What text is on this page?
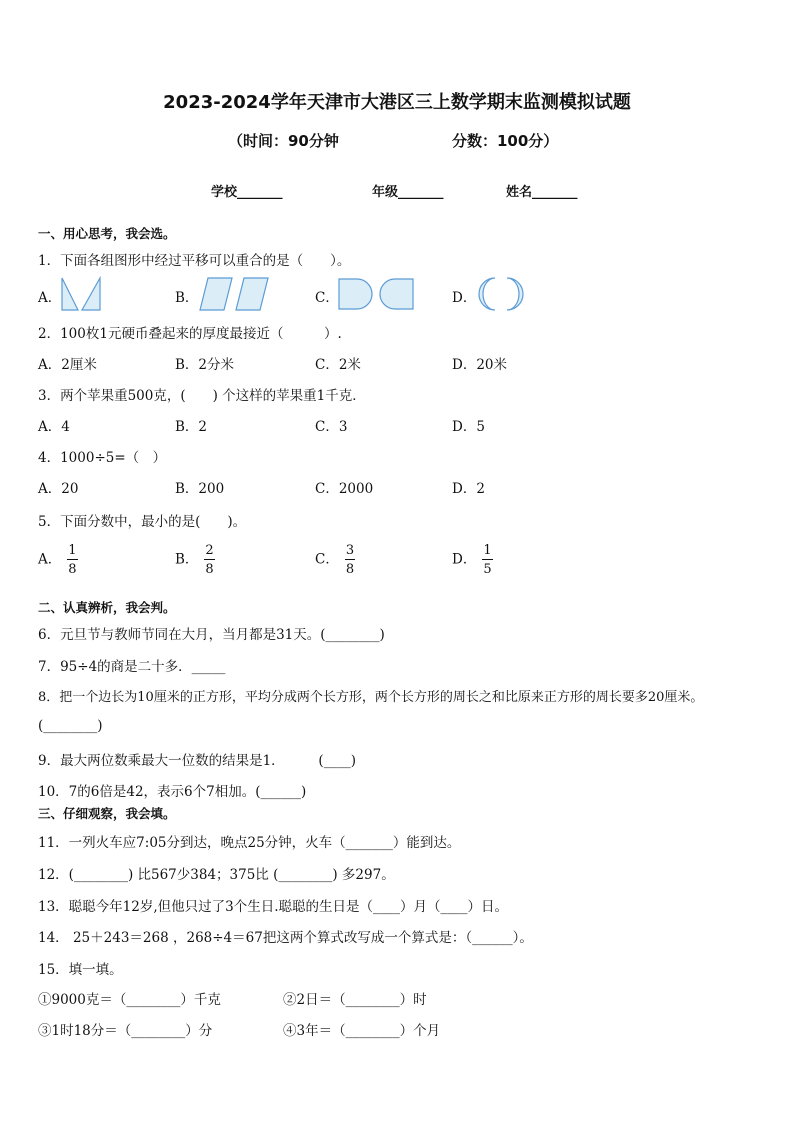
2023-2024学年天津市大港区三上数学期末监测模拟试题
（时间：90分钟	分数：100分）
学校_______	年级_______	姓名_______
一、用心思考，我会选。
1．下面各组图形中经过平移可以重合的是（　　）。
A．	B．	C．	D．
2．100枚1元硬币叠起来的厚度最接近（　　　）.
A．2厘米	B．2分米	C．2米	D．20米
3．两个苹果重500克，(　　) 个这样的苹果重1千克．
A．4	B．2	C．3	D．5
4．1000÷5=（　）
A．20	B．200	C．2000	D．2
5．下面分数中，最小的是(　　)。
A． $\frac{1}{8}$	B． $\frac{2}{8}$	C． $\frac{3}{8}$	D． $\frac{1}{5}$
二、认真辨析，我会判。
6．元旦节与教师节同在大月，当月都是31天。(________)
7．95÷4的商是二十多．_____
8．把一个边长为10厘米的正方形，平均分成两个长方形，两个长方形的周长之和比原来正方形的周长要多20厘米。
(________)
9．最大两位数乘最大一位数的结果是1．　　　(____)
10．7的6倍是42，表示6个7相加。(______)
三、仔细观察，我会填。
11．一列火车应7:05分到达，晚点25分钟，火车（_______）能到达。
12．(________) 比567少384；375比 (________) 多297。
13．聪聪今年12岁,但他只过了3个生日.聪聪的生日是（____）月（____）日。
14． 25＋243＝268 ，268÷4＝67把这两个算式改写成一个算式是：（______）。
15．填一填。
①9000克＝（________）千克	②2日＝（________）时
③1时18分＝（________）分	④3年＝（________）个月
